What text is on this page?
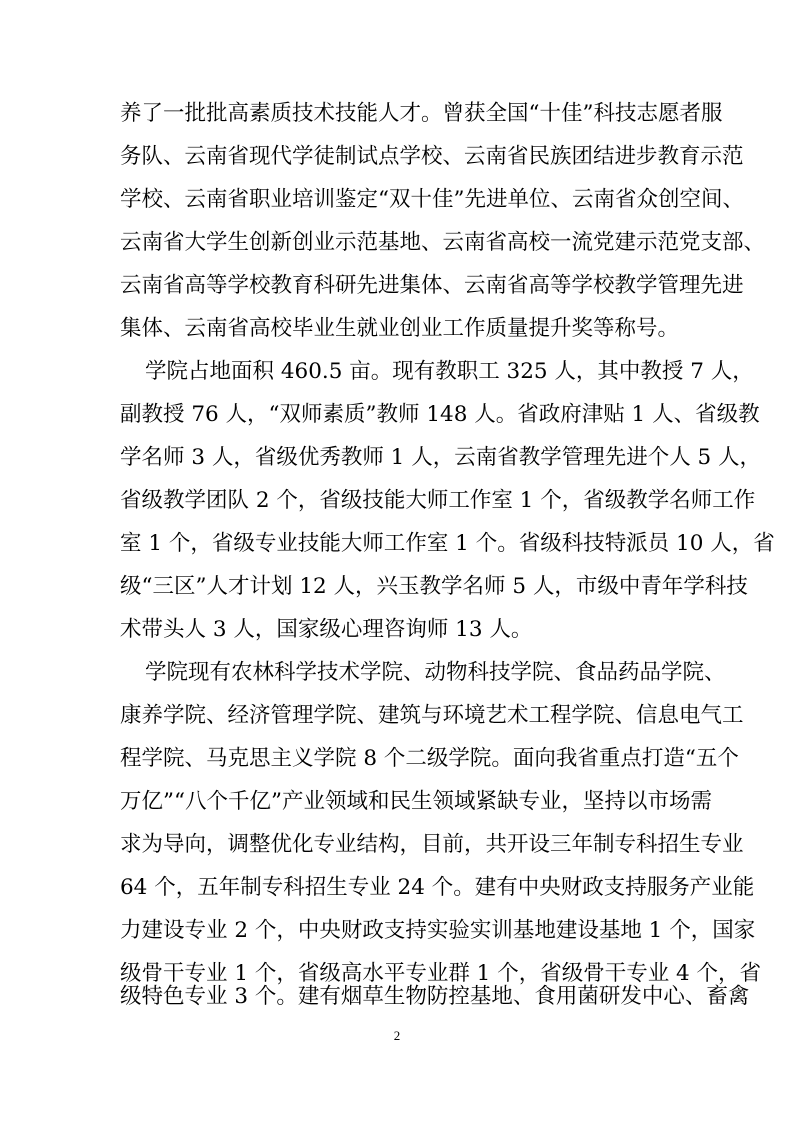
养了一批批高素质技术技能人才。曾获全国“十佳”科技志愿者服
务队、云南省现代学徒制试点学校、云南省民族团结进步教育示范
学校、云南省职业培训鉴定“双十佳”先进单位、云南省众创空间、
云南省大学生创新创业示范基地、云南省高校一流党建示范党支部、
云南省高等学校教育科研先进集体、云南省高等学校教学管理先进
集体、云南省高校毕业生就业创业工作质量提升奖等称号。
学院占地面积 460.5 亩。现有教职工 325 人，其中教授 7 人，
副教授 76 人，“双师素质”教师 148 人。省政府津贴 1 人、省级教
学名师 3 人，省级优秀教师 1 人，云南省教学管理先进个人 5 人，
省级教学团队 2 个，省级技能大师工作室 1 个，省级教学名师工作
室 1 个，省级专业技能大师工作室 1 个。省级科技特派员 10 人，省
级“三区”人才计划 12 人，兴玉教学名师 5 人，市级中青年学科技
术带头人 3 人，国家级心理咨询师 13 人。
学院现有农林科学技术学院、动物科技学院、食品药品学院、
康养学院、经济管理学院、建筑与环境艺术工程学院、信息电气工
程学院、马克思主义学院 8 个二级学院。面向我省重点打造“五个
万亿”“八个千亿”产业领域和民生领域紧缺专业，坚持以市场需
求为导向，调整优化专业结构，目前，共开设三年制专科招生专业
64 个，五年制专科招生专业 24 个。建有中央财政支持服务产业能
力建设专业 2 个，中央财政支持实验实训基地建设基地 1 个，国家
级骨干专业 1 个，省级高水平专业群 1 个，省级骨干专业 4 个，省
级特色专业 3 个。建有烟草生物防控基地、食用菌研发中心、畜禽
2
